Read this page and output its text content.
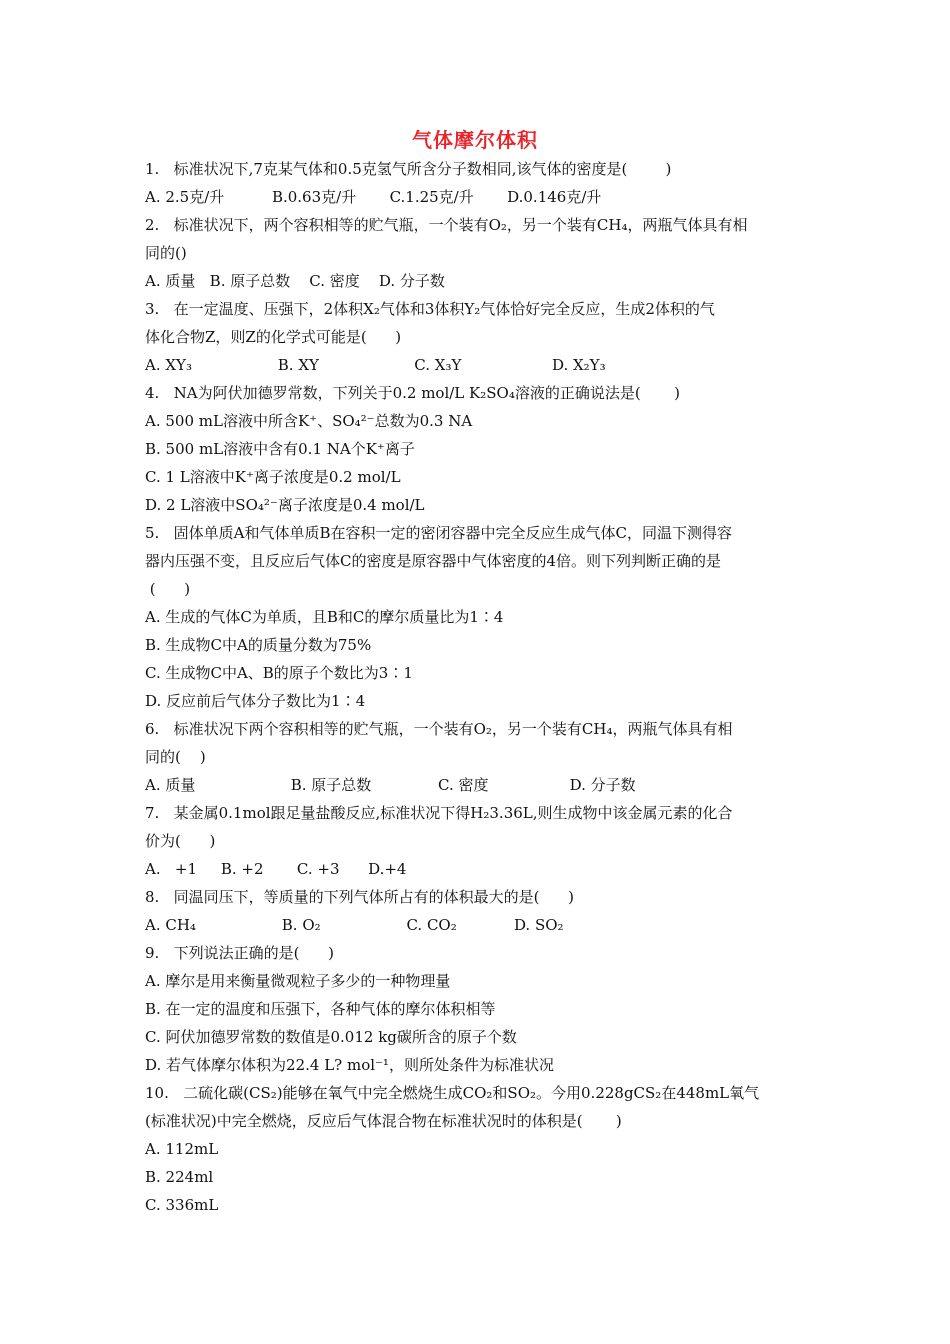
气体摩尔体积
1.   标准状况下,7克某气体和0.5克氢气所含分子数相同,该气体的密度是(        )
A. 2.5克/升          B.0.63克/升       C.1.25克/升       D.0.146克/升
2.   标准状况下，两个容积相等的贮气瓶，一个装有O₂，另一个装有CH₄，两瓶气体具有相
同的()
A. 质量   B. 原子总数    C. 密度    D. 分子数
3.   在一定温度、压强下，2体积X₂气体和3体积Y₂气体恰好完全反应，生成2体积的气
体化合物Z，则Z的化学式可能是(      )
A. XY₃                  B. XY                    C. X₃Y                   D. X₂Y₃
4.   NA为阿伏加德罗常数，下列关于0.2 mol/L K₂SO₄溶液的正确说法是(       )
A. 500 mL溶液中所含K⁺、SO₄²⁻总数为0.3 NA
B. 500 mL溶液中含有0.1 NA个K⁺离子
C. 1 L溶液中K⁺离子浓度是0.2 mol/L
D. 2 L溶液中SO₄²⁻离子浓度是0.4 mol/L
5.   固体单质A和气体单质B在容积一定的密闭容器中完全反应生成气体C，同温下测得容
器内压强不变，且反应后气体C的密度是原容器中气体密度的4倍。则下列判断正确的是
(      )
A. 生成的气体C为单质，且B和C的摩尔质量比为1∶4
B. 生成物C中A的质量分数为75%
C. 生成物C中A、B的原子个数比为3∶1
D. 反应前后气体分子数比为1∶4
6.   标准状况下两个容积相等的贮气瓶，一个装有O₂，另一个装有CH₄，两瓶气体具有相
同的(    )
A. 质量                    B. 原子总数              C. 密度                 D. 分子数
7.   某金属0.1mol跟足量盐酸反应,标准状况下得H₂3.36L,则生成物中该金属元素的化合
价为(      )
A.   +1     B. +2       C. +3      D.+4
8.   同温同压下，等质量的下列气体所占有的体积最大的是(      )
A. CH₄                  B. O₂                  C. CO₂            D. SO₂
9.   下列说法正确的是(      )
A. 摩尔是用来衡量微观粒子多少的一种物理量
B. 在一定的温度和压强下，各种气体的摩尔体积相等
C. 阿伏加德罗常数的数值是0.012 kg碳所含的原子个数
D. 若气体摩尔体积为22.4 L? mol⁻¹，则所处条件为标准状况
10.   二硫化碳(CS₂)能够在氧气中完全燃烧生成CO₂和SO₂。今用0.228gCS₂在448mL氧气
(标准状况)中完全燃烧，反应后气体混合物在标准状况时的体积是(       )
A. 112mL
B. 224ml
C. 336mL
